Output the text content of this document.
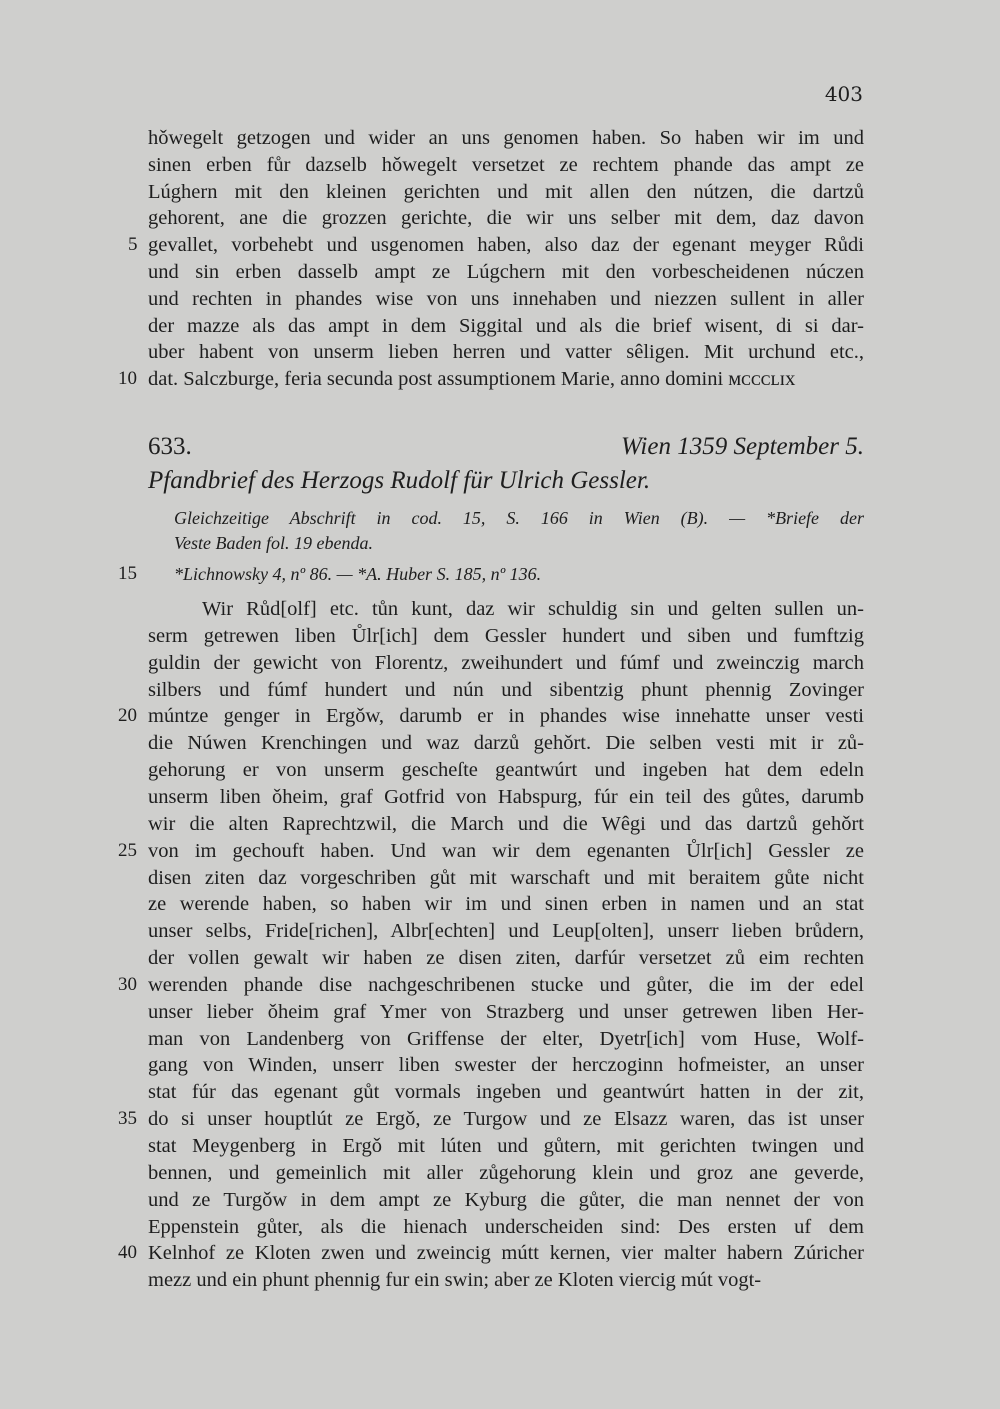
403
hǒwegelt getzogen und wider an uns genomen haben. So haben wir im und
sinen erben fůr dazselb hǒwegelt versetzet ze rechtem phande das ampt ze
Lúghern mit den kleinen gerichten und mit allen den nútzen, die dartzů
gehorent, ane die grozzen gerichte, die wir uns selber mit dem, daz davon
gevallet, vorbehebt und usgenomen haben, also daz der egenant meyger Růdi
5
und sin erben dasselb ampt ze Lúgchern mit den vorbescheidenen núczen
und rechten in phandes wise von uns innehaben und niezzen sullent in aller
der mazze als das ampt in dem Siggital und als die brief wisent, di si dar-
uber habent von unserm lieben herren und vatter sêligen. Mit urchund etc.,
dat. Salczburge, feria secunda post assumptionem Marie, anno domini ᴍᴄᴄᴄʟɪx
10
633.	Wien 1359 September 5.
Pfandbrief des Herzogs Rudolf für Ulrich Gessler.
Gleichzeitige Abschrift in cod. 15, S. 166 in Wien (B). — *Briefe der
Veste Baden fol. 19 ebenda.
15 *Lichnowsky 4, nº 86. — *A. Huber S. 185, nº 136.
Wir Růd[olf] etc. tůn kunt, daz wir schuldig sin und gelten sullen un-
serm getrewen liben Ůlr[ich] dem Gessler hundert und siben und fumftzig
guldin der gewicht von Florentz, zweihundert und fúmf und zweinczig march
silbers und fúmf hundert und nún und sibentzig phunt phennig Zovinger
múntze genger in Ergǒw, darumb er in phandes wise innehatte unser vesti
20
die Núwen Krenchingen und waz darzů gehǒrt. Die selben vesti mit ir zů-
gehorung er von unserm gescheſte geantwúrt und ingeben hat dem edeln
unserm liben ǒheim, graf Gotfrid von Habspurg, fúr ein teil des gůtes, darumb
wir die alten Raprechtzwil, die March und die Wêgi und das dartzů gehǒrt
von im gechouft haben. Und wan wir dem egenanten Ůlr[ich] Gessler ze
25
disen ziten daz vorgeschriben gůt mit warschaft und mit beraitem gůte nicht
ze werende haben, so haben wir im und sinen erben in namen und an stat
unser selbs, Fride[richen], Albr[echten] und Leup[olten], unserr lieben brůdern,
der vollen gewalt wir haben ze disen ziten, darfúr versetzet zů eim rechten
werenden phande dise nachgeschribenen stucke und gůter, die im der edel
30
unser lieber ǒheim graf Ymer von Strazberg und unser getrewen liben Her-
man von Landenberg von Griffense der elter, Dyetr[ich] vom Huse, Wolf-
gang von Winden, unserr liben swester der herczoginn hofmeister, an unser
stat fúr das egenant gůt vormals ingeben und geantwúrt hatten in der zit,
do si unser houptlút ze Ergǒ, ze Turgow und ze Elsazz waren, das ist unser
35
stat Meygenberg in Ergǒ mit lúten und gůtern, mit gerichten twingen und
bennen, und gemeinlich mit aller zůgehorung klein und groz ane geverde,
und ze Turgǒw in dem ampt ze Kyburg die gůter, die man nennet der von
Eppenstein gůter, als die hienach underscheiden sind: Des ersten uf dem
Kelnhof ze Kloten zwen und zweincig mútt kernen, vier malter habern Zúricher
40
mezz und ein phunt phennig fur ein swin; aber ze Kloten viercig mút vogt-
